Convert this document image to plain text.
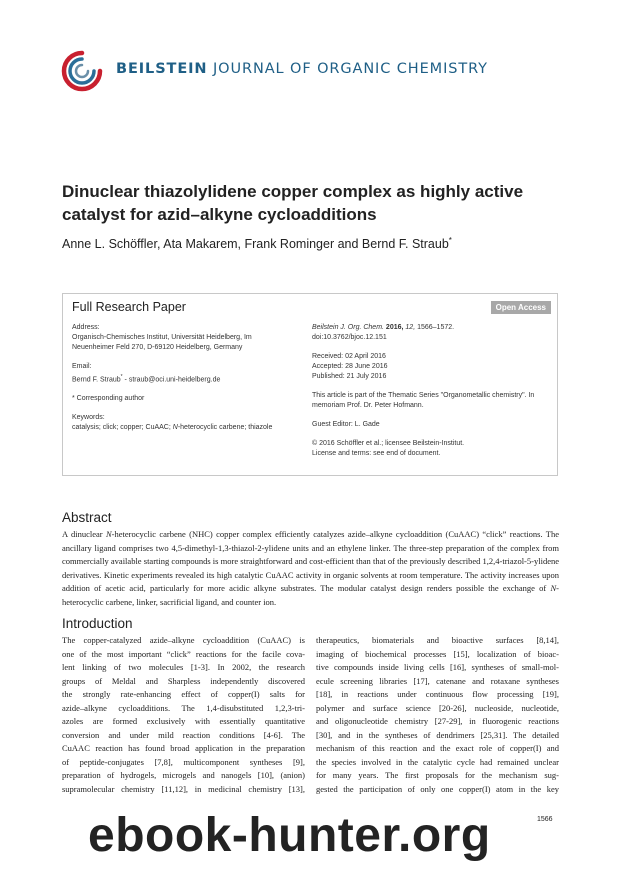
BEILSTEIN JOURNAL OF ORGANIC CHEMISTRY
Dinuclear thiazolylidene copper complex as highly active catalyst for azid–alkyne cycloadditions
Anne L. Schöffler, Ata Makarem, Frank Rominger and Bernd F. Straub*
Full Research Paper	Open Access
Address:
Organisch-Chemisches Institut, Universität Heidelberg, Im
Neuenheimer Feld 270, D-69120 Heidelberg, Germany
Email:
Bernd F. Straub* - straub@oci.uni-heidelberg.de
* Corresponding author
Keywords:
catalysis; click; copper; CuAAC; N-heterocyclic carbene; thiazole
Beilstein J. Org. Chem. 2016, 12, 1566–1572.
doi:10.3762/bjoc.12.151
Received: 02 April 2016
Accepted: 28 June 2016
Published: 21 July 2016
This article is part of the Thematic Series "Organometallic chemistry". In memoriam Prof. Dr. Peter Hofmann.
Guest Editor: L. Gade
© 2016 Schöffler et al.; licensee Beilstein-Institut.
License and terms: see end of document.
Abstract
A dinuclear N-heterocyclic carbene (NHC) copper complex efficiently catalyzes azide–alkyne cycloaddition (CuAAC) “click” reactions. The ancillary ligand comprises two 4,5-dimethyl-1,3-thiazol-2-ylidene units and an ethylene linker. The three-step preparation of the complex from commercially available starting compounds is more straightforward and cost-efficient than that of the previously described 1,2,4-triazol-5-ylidene derivatives. Kinetic experiments revealed its high catalytic CuAAC activity in organic solvents at room temperature. The activity increases upon addition of acetic acid, particularly for more acidic alkyne substrates. The modular catalyst design renders possible the exchange of N-heterocyclic carbene, linker, sacrificial ligand, and counter ion.
Introduction
The copper-catalyzed azide–alkyne cycloaddition (CuAAC) is
one of the most important “click” reactions for the facile cova-
lent linking of two molecules [1-3]. In 2002, the research
groups of Meldal and Sharpless independently discovered
the strongly rate-enhancing effect of copper(I) salts for
azide–alkyne cycloadditions. The 1,4-disubstituted 1,2,3-tri-
azoles are formed exclusively with essentially quantitative
conversion and under mild reaction conditions [4-6]. The
CuAAC reaction has found broad application in the preparation
of peptide-conjugates [7,8], multicomponent syntheses [9],
preparation of hydrogels, microgels and nanogels [10], (anion)
supramolecular chemistry [11,12], in medicinal chemistry [13],
therapeutics, biomaterials and bioactive surfaces [8,14],
imaging of biochemical processes [15], localization of bioac-
tive compounds inside living cells [16], syntheses of small-mol-
ecule screening libraries [17], catenane and rotaxane syntheses
[18], in reactions under continuous flow processing [19],
polymer and surface science [20-26], nucleoside, nucleotide,
and oligonucleotide chemistry [27-29], in fluorogenic reactions
[30], and in the syntheses of dendrimers [25,31]. The detailed
mechanism of this reaction and the exact role of copper(I) and
the species involved in the catalytic cycle had remained unclear
for many years. The first proposals for the mechanism sug-
gested the participation of only one copper(I) atom in the key
1566
ebook-hunter.org
